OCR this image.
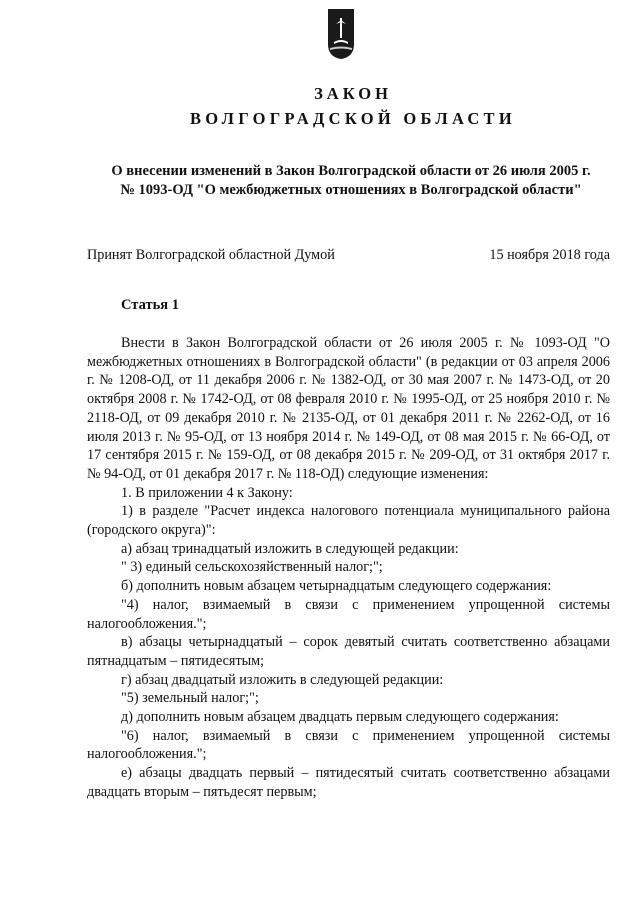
ЗАКОН
ВОЛГОГРАДСКОЙ ОБЛАСТИ
О внесении изменений в Закон Волгоградской области от 26 июля 2005 г.
№ 1093-ОД "О межбюджетных отношениях в Волгоградской области"
Принят Волгоградской областной Думой	15 ноября 2018 года
Статья 1

Внести в Закон Волгоградской области от 26 июля 2005 г. № 1093-ОД "О межбюджетных отношениях в Волгоградской области" (в редакции от 03 апреля 2006 г. № 1208-ОД, от 11 декабря 2006 г. № 1382-ОД, от 30 мая 2007 г. № 1473-ОД, от 20 октября 2008 г. № 1742-ОД, от 08 февраля 2010 г. № 1995-ОД, от 25 ноября 2010 г. № 2118-ОД, от 09 декабря 2010 г. № 2135-ОД, от 01 декабря 2011 г. № 2262-ОД, от 16 июля 2013 г. № 95-ОД, от 13 ноября 2014 г. № 149-ОД, от 08 мая 2015 г. № 66-ОД, от 17 сентября 2015 г. № 159-ОД, от 08 декабря 2015 г. № 209-ОД, от 31 октября 2017 г. № 94-ОД, от 01 декабря 2017 г. № 118-ОД) следующие изменения:

1. В приложении 4 к Закону:

1) в разделе "Расчет индекса налогового потенциала муниципального района (городского округа)":

а) абзац тринадцатый изложить в следующей редакции:

" 3) единый сельскохозяйственный налог;";

б) дополнить новым абзацем четырнадцатым следующего содержания:

"4) налог, взимаемый в связи с применением упрощенной системы налогообложения.";

в) абзацы четырнадцатый – сорок девятый считать соответственно абзацами пятнадцатым – пятидесятым;

г) абзац двадцатый изложить в следующей редакции:

"5) земельный налог;";

д) дополнить новым абзацем двадцать первым следующего содержания:

"6) налог, взимаемый в связи с применением упрощенной системы налогообложения.";

е) абзацы двадцать первый – пятидесятый считать соответственно абзацами двадцать вторым – пятьдесят первым;
